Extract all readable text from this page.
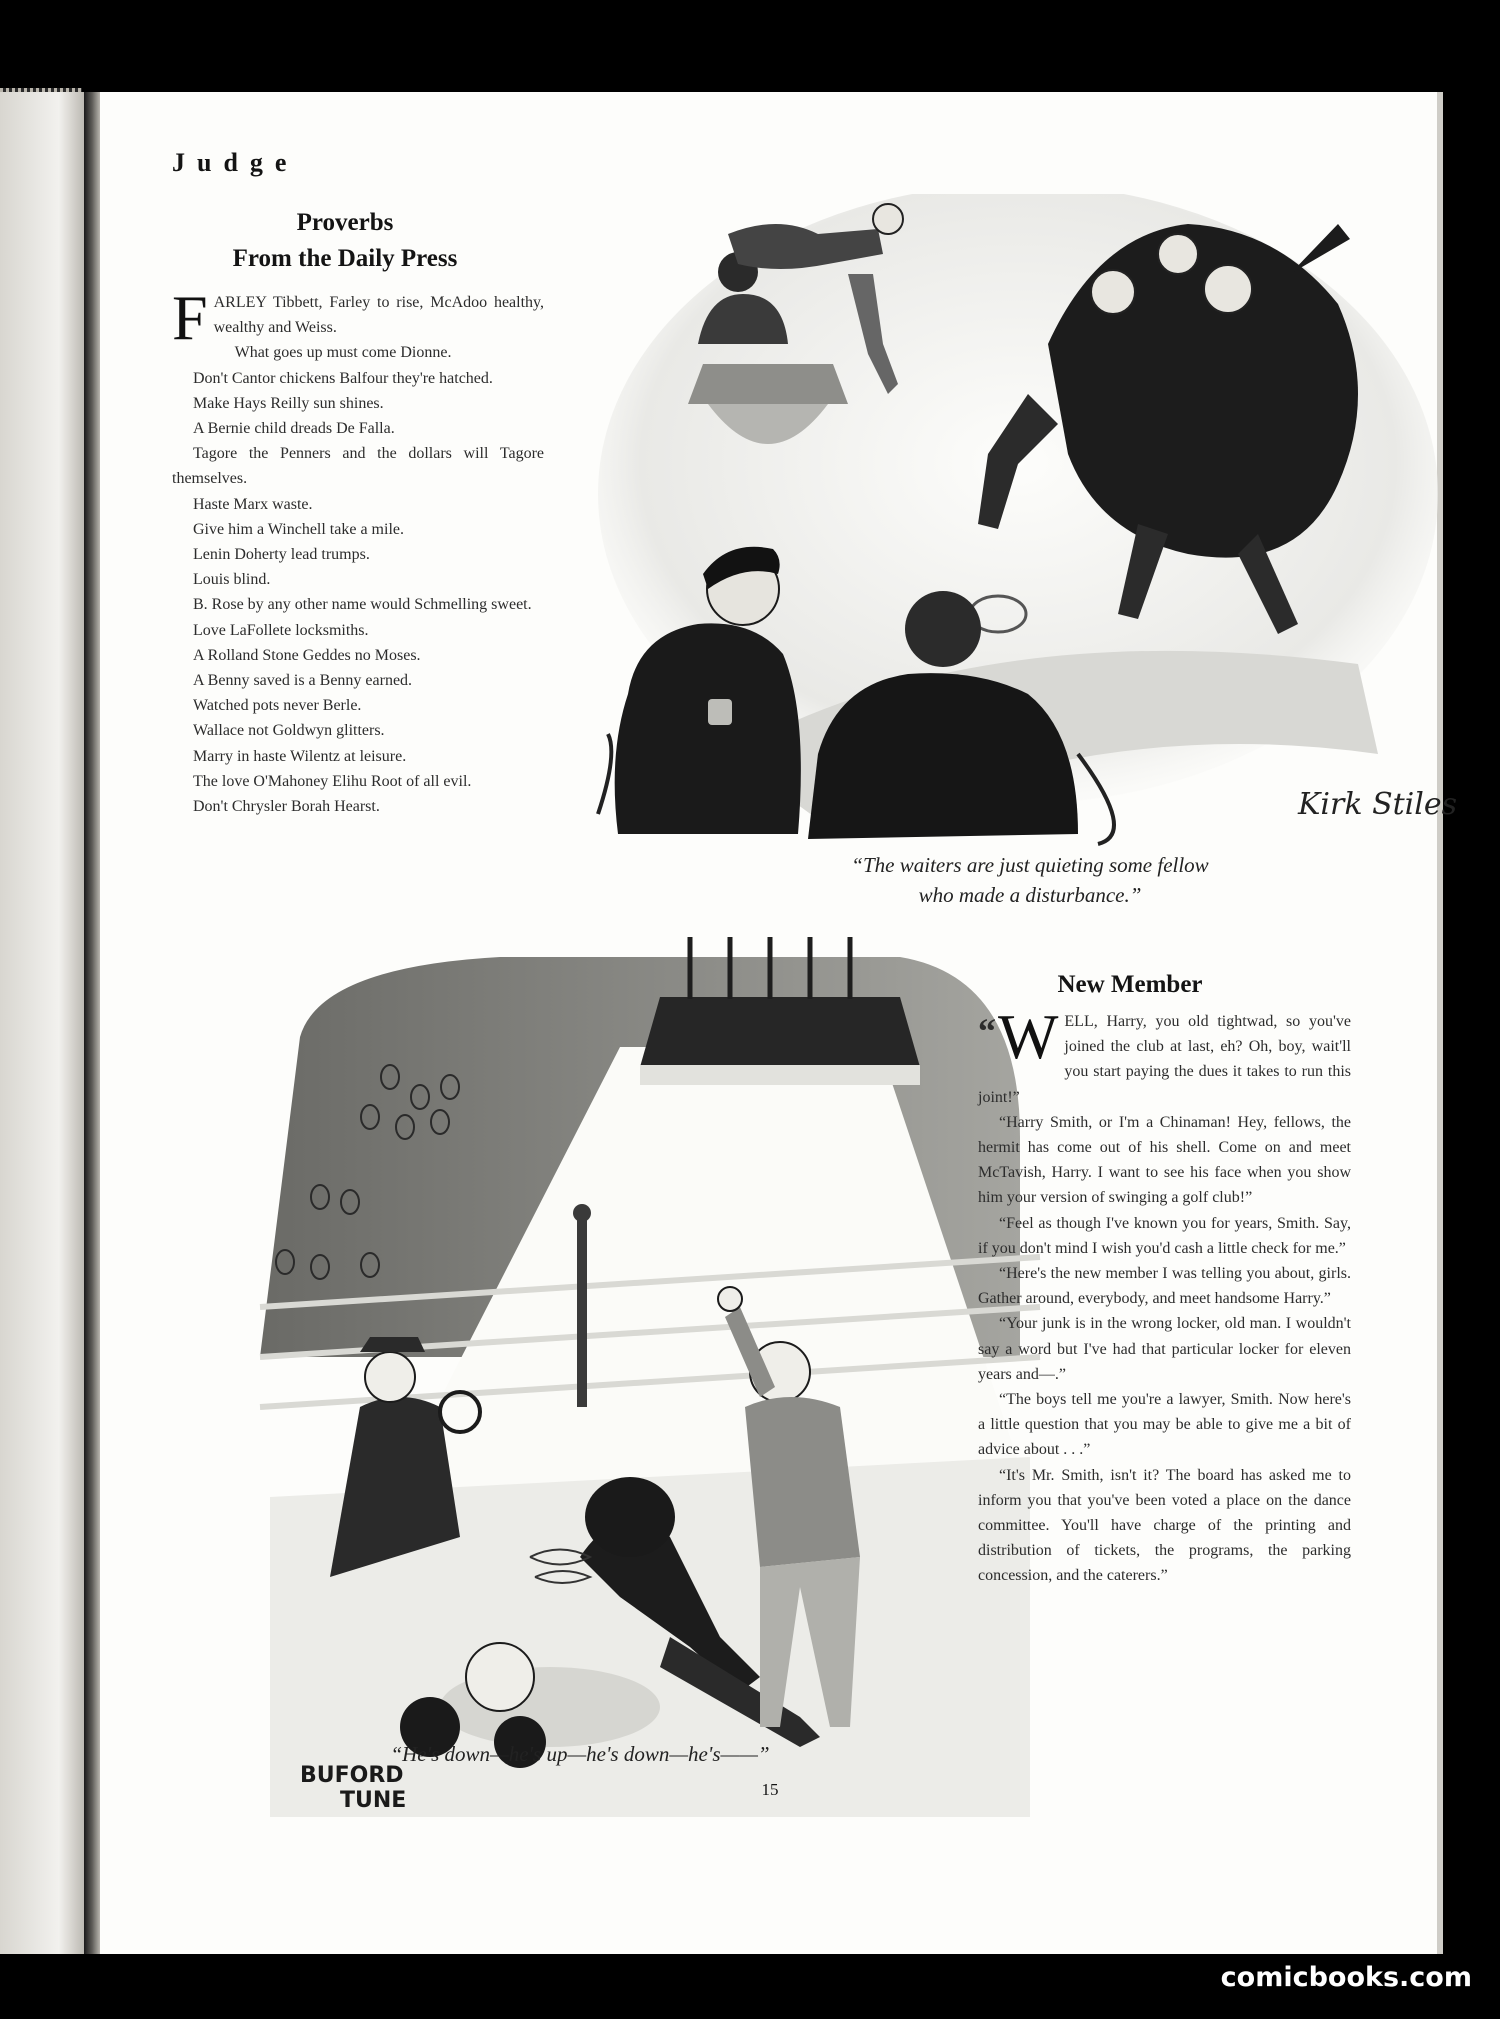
Judge
Proverbs
From the Daily Press

FARLEY Tibbett, Farley to rise, McAdoo healthy, wealthy and Weiss.

What goes up must come Dionne.

Don't Cantor chickens Balfour they're hatched.

Make Hays Reilly sun shines.

A Bernie child dreads De Falla.

Tagore the Penners and the dollars will Tagore themselves.

Haste Marx waste.

Give him a Winchell take a mile.

Lenin Doherty lead trumps.

Louis blind.

B. Rose by any other name would Schmelling sweet.

Love LaFollete locksmiths.

A Rolland Stone Geddes no Moses.

A Benny saved is a Benny earned.

Watched pots never Berle.

Wallace not Goldwyn glitters.

Marry in haste Wilentz at leisure.

The love O'Mahoney Elihu Root of all evil.

Don't Chrysler Borah Hearst.	Kirk Stiles
“The waiters are just quieting some fellow
who made a disturbance.”
BUFORD
TUNE
“He's down—he's up—he's down—he's——”
New Member

“ W ELL, Harry, you old tightwad, so you've joined the club at last, eh? Oh, boy, wait'll you start paying the dues it takes to run this joint!”

“Harry Smith, or I'm a Chinaman! Hey, fellows, the hermit has come out of his shell. Come on and meet McTavish, Harry. I want to see his face when you show him your version of swinging a golf club!”

“Feel as though I've known you for years, Smith. Say, if you don't mind I wish you'd cash a little check for me.”

“Here's the new member I was telling you about, girls. Gather around, everybody, and meet handsome Harry.”

“Your junk is in the wrong locker, old man. I wouldn't say a word but I've had that particular locker for eleven years and—.”

“The boys tell me you're a lawyer, Smith. Now here's a little question that you may be able to give me a bit of advice about . . .”

“It's Mr. Smith, isn't it? The board has asked me to inform you that you've been voted a place on the dance committee. You'll have charge of the printing and distribution of tickets, the programs, the parking concession, and the caterers.”

15
comicbooks.com
